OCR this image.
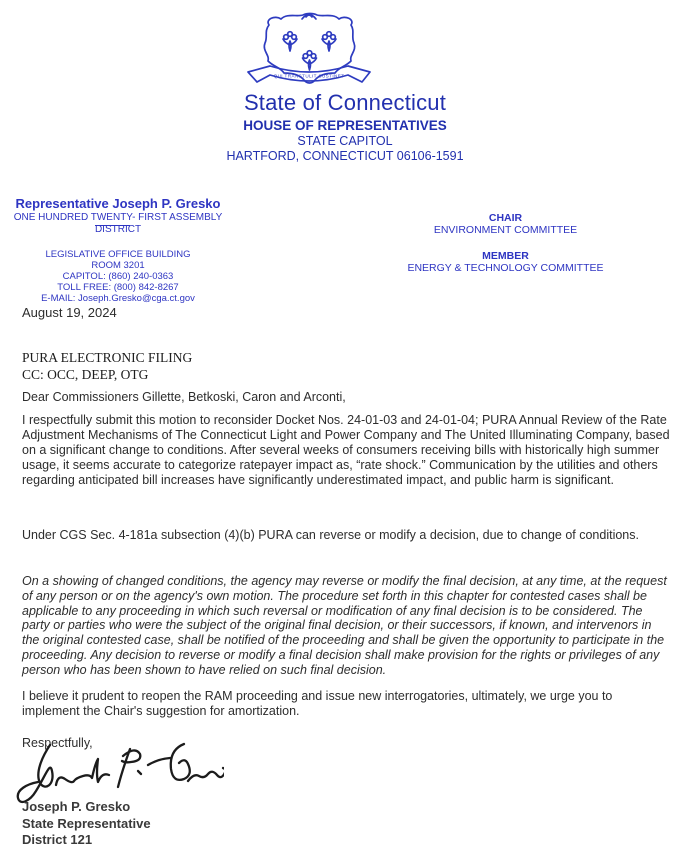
QUI TRANSTULIT SUSTINET
State of Connecticut
HOUSE OF REPRESENTATIVES
STATE CAPITOL
HARTFORD, CONNECTICUT 06106-1591
Representative Joseph P. Gresko
ONE HUNDRED TWENTY- FIRST ASSEMBLY DISTRICT
LEGISLATIVE OFFICE BUILDING
ROOM 3201
CAPITOL: (860) 240-0363
TOLL FREE: (800) 842-8267
E-MAIL: Joseph.Gresko@cga.ct.gov
CHAIR
ENVIRONMENT COMMITTEE
MEMBER
ENERGY & TECHNOLOGY COMMITTEE
August 19, 2024
PURA ELECTRONIC FILING
CC: OCC, DEEP, OTG
Dear Commissioners Gillette, Betkoski, Caron and Arconti,
I respectfully submit this motion to reconsider Docket Nos. 24-01-03 and 24-01-04; PURA Annual Review of the Rate Adjustment Mechanisms of The Connecticut Light and Power Company and The United Illuminating Company, based on a significant change to conditions. After several weeks of consumers receiving bills with historically high summer usage, it seems accurate to categorize ratepayer impact as, “rate shock.” Communication by the utilities and others regarding anticipated bill increases have significantly underestimated impact, and public harm is significant.
Under CGS Sec. 4-181a subsection (4)(b) PURA can reverse or modify a decision, due to change of conditions.
On a showing of changed conditions, the agency may reverse or modify the final decision, at any time, at the request of any person or on the agency's own motion. The procedure set forth in this chapter for contested cases shall be applicable to any proceeding in which such reversal or modification of any final decision is to be considered. The party or parties who were the subject of the original final decision, or their successors, if known, and intervenors in the original contested case, shall be notified of the proceeding and shall be given the opportunity to participate in the proceeding. Any decision to reverse or modify a final decision shall make provision for the rights or privileges of any person who has been shown to have relied on such final decision.
I believe it prudent to reopen the RAM proceeding and issue new interrogatories, ultimately, we urge you to implement the Chair's suggestion for amortization.
Respectfully,
Joseph P. Gresko
State Representative
District 121
